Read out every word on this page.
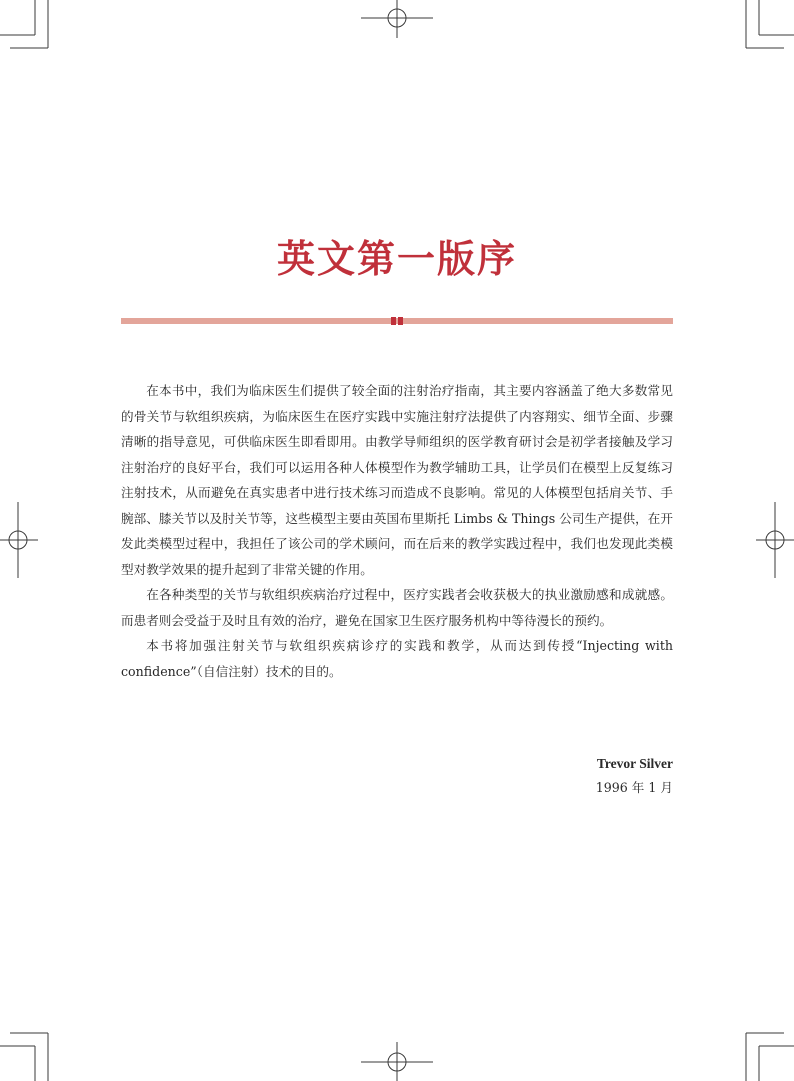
英文第一版序

在本书中，我们为临床医生们提供了较全面的注射治疗指南，其主要内容涵盖了绝大多数常见的骨关节与软组织疾病，为临床医生在医疗实践中实施注射疗法提供了内容翔实、细节全面、步骤清晰的指导意见，可供临床医生即看即用。由教学导师组织的医学教育研讨会是初学者接触及学习注射治疗的良好平台，我们可以运用各种人体模型作为教学辅助工具，让学员们在模型上反复练习注射技术，从而避免在真实患者中进行技术练习而造成不良影响。常见的人体模型包括肩关节、手腕部、膝关节以及肘关节等，这些模型主要由英国布里斯托 Limbs & Things 公司生产提供，在开发此类模型过程中，我担任了该公司的学术顾问，而在后来的教学实践过程中，我们也发现此类模型对教学效果的提升起到了非常关键的作用。

在各种类型的关节与软组织疾病治疗过程中，医疗实践者会收获极大的执业激励感和成就感。而患者则会受益于及时且有效的治疗，避免在国家卫生医疗服务机构中等待漫长的预约。

本书将加强注射关节与软组织疾病诊疗的实践和教学，从而达到传授“Injecting with confidence”（自信注射）技术的目的。

Trevor Silver
1996 年 1 月
